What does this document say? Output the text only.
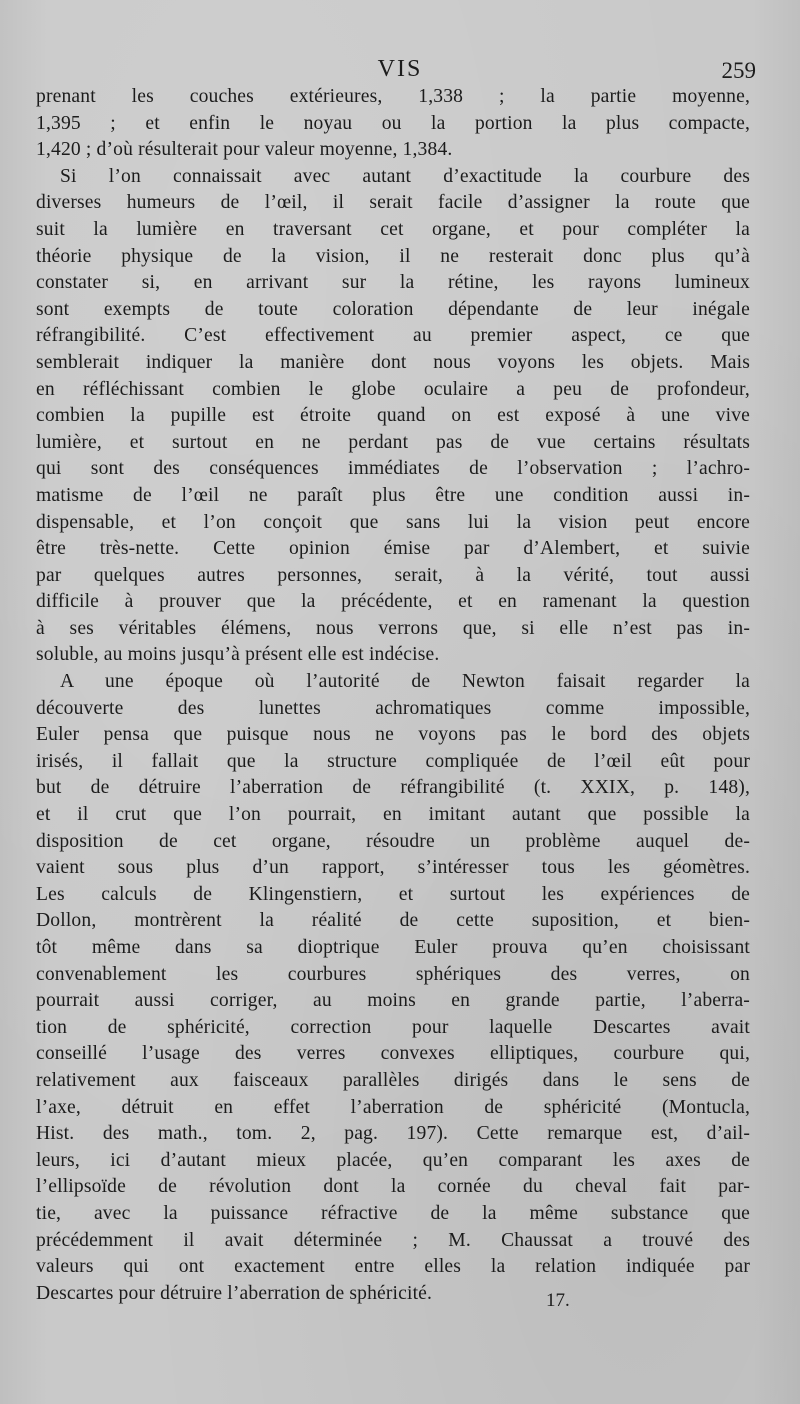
VIS	259
prenant les couches extérieures, 1,338 ; la partie moyenne,
1,395 ; et enfin le noyau ou la portion la plus compacte,
1,420 ; d’où résulterait pour valeur moyenne, 1,384.
Si l’on connaissait avec autant d’exactitude la courbure des
diverses humeurs de l’œil, il serait facile d’assigner la route que
suit la lumière en traversant cet organe, et pour compléter la
théorie physique de la vision, il ne resterait donc plus qu’à
constater si, en arrivant sur la rétine, les rayons lumineux
sont exempts de toute coloration dépendante de leur inégale
réfrangibilité. C’est effectivement au premier aspect, ce que
semblerait indiquer la manière dont nous voyons les objets. Mais
en réfléchissant combien le globe oculaire a peu de profondeur,
combien la pupille est étroite quand on est exposé à une vive
lumière, et surtout en ne perdant pas de vue certains résultats
qui sont des conséquences immédiates de l’observation ; l’achro-
matisme de l’œil ne paraît plus être une condition aussi in-
dispensable, et l’on conçoit que sans lui la vision peut encore
être très-nette. Cette opinion émise par d’Alembert, et suivie
par quelques autres personnes, serait, à la vérité, tout aussi
difficile à prouver que la précédente, et en ramenant la question
à ses véritables élémens, nous verrons que, si elle n’est pas in-
soluble, au moins jusqu’à présent elle est indécise.
A une époque où l’autorité de Newton faisait regarder la
découverte des lunettes achromatiques comme impossible,
Euler pensa que puisque nous ne voyons pas le bord des objets
irisés, il fallait que la structure compliquée de l’œil eût pour
but de détruire l’aberration de réfrangibilité (t. XXIX, p. 148),
et il crut que l’on pourrait, en imitant autant que possible la
disposition de cet organe, résoudre un problème auquel de-
vaient sous plus d’un rapport, s’intéresser tous les géomètres.
Les calculs de Klingenstiern, et surtout les expériences de
Dollon, montrèrent la réalité de cette suposition, et bien-
tôt même dans sa dioptrique Euler prouva qu’en choisissant
convenablement les courbures sphériques des verres, on
pourrait aussi corriger, au moins en grande partie, l’aberra-
tion de sphéricité, correction pour laquelle Descartes avait
conseillé l’usage des verres convexes elliptiques, courbure qui,
relativement aux faisceaux parallèles dirigés dans le sens de
l’axe, détruit en effet l’aberration de sphéricité (Montucla,
Hist. des math., tom. 2, pag. 197). Cette remarque est, d’ail-
leurs, ici d’autant mieux placée, qu’en comparant les axes de
l’ellipsoïde de révolution dont la cornée du cheval fait par-
tie, avec la puissance réfractive de la même substance que
précédemment il avait déterminée ; M. Chaussat a trouvé des
valeurs qui ont exactement entre elles la relation indiquée par
Descartes pour détruire l’aberration de sphéricité.	17.
